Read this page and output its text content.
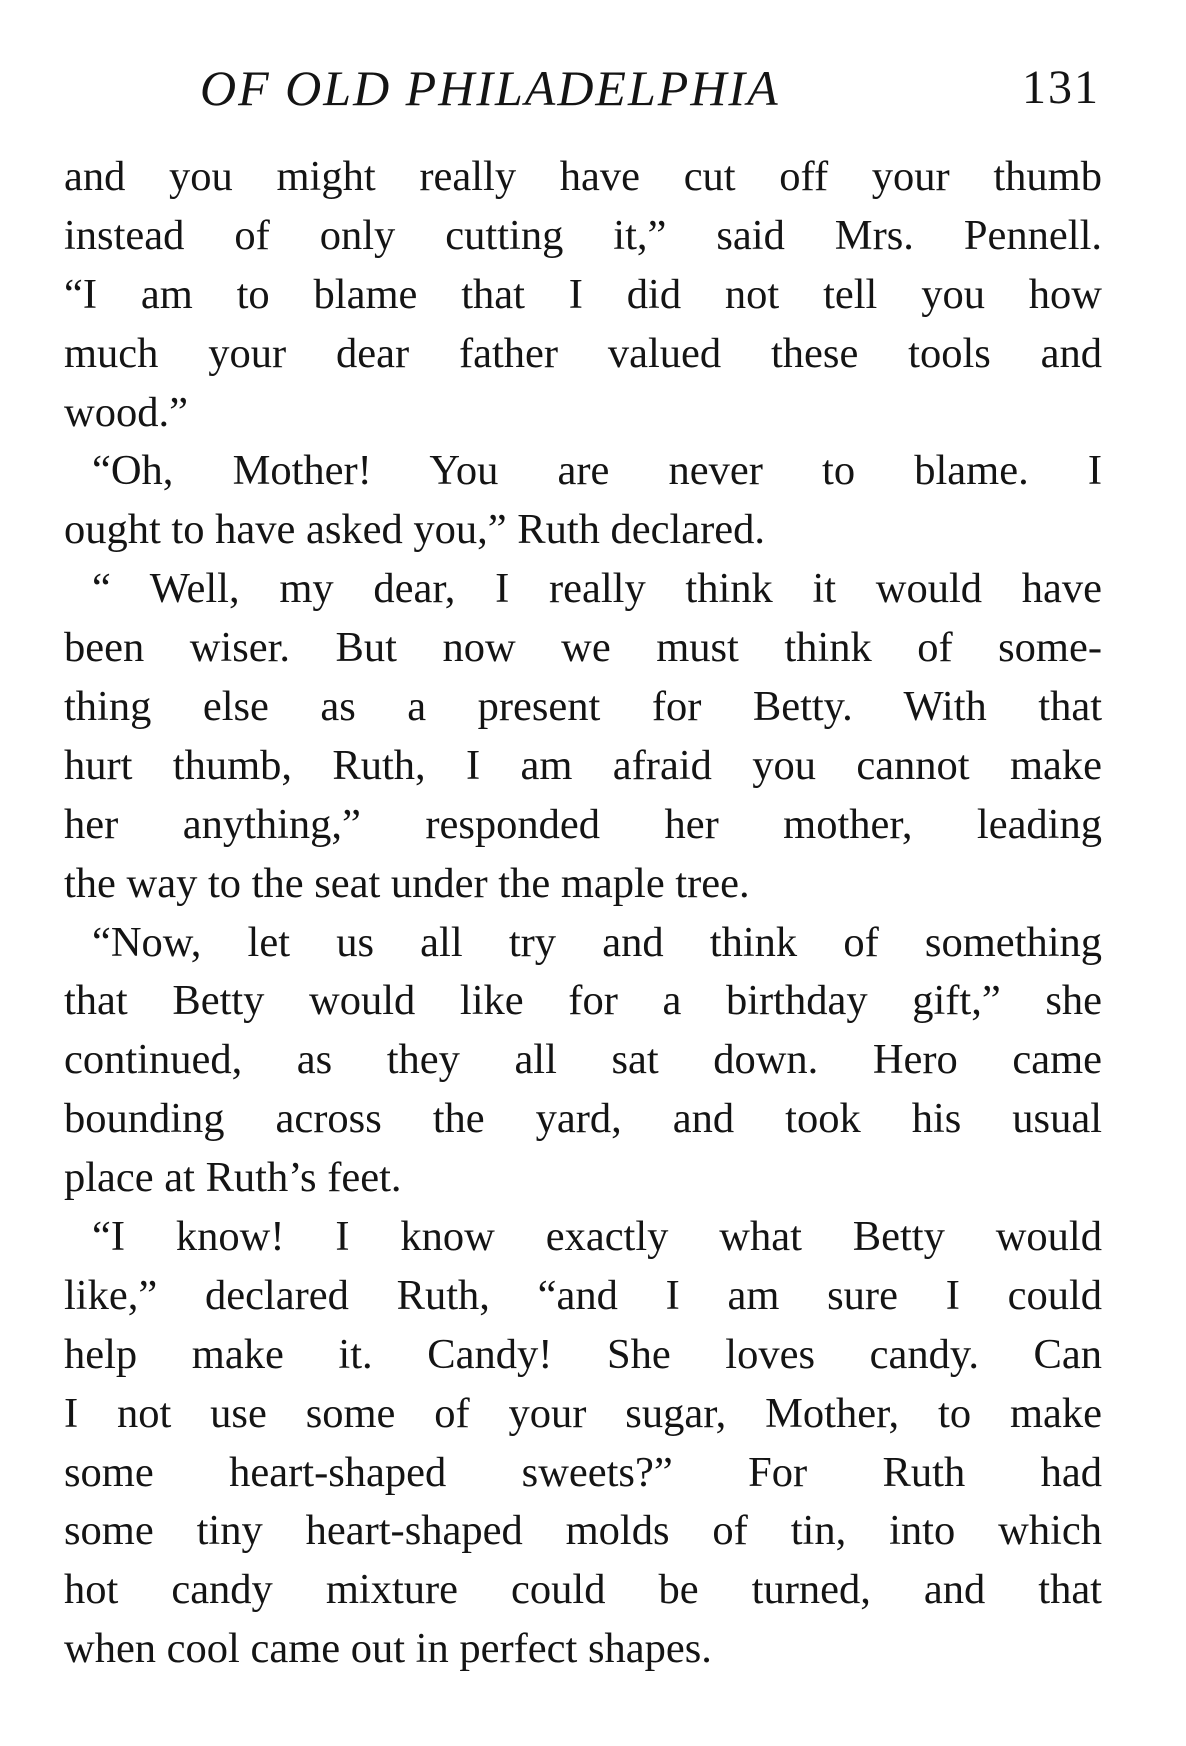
OF OLD PHILADELPHIA	131
and you might really have cut off your thumb
instead of only cutting it,” said Mrs. Pennell.
“I am to blame that I did not tell you how
much your dear father valued these tools and
wood.”
“Oh, Mother! You are never to blame. I
ought to have asked you,” Ruth declared.
“ Well, my dear, I really think it would have
been wiser. But now we must think of some-
thing else as a present for Betty. With that
hurt thumb, Ruth, I am afraid you cannot make
her anything,” responded her mother, leading
the way to the seat under the maple tree.
“Now, let us all try and think of something
that Betty would like for a birthday gift,” she
continued, as they all sat down. Hero came
bounding across the yard, and took his usual
place at Ruth’s feet.
“I know! I know exactly what Betty would
like,” declared Ruth, “and I am sure I could
help make it. Candy! She loves candy. Can
I not use some of your sugar, Mother, to make
some heart-shaped sweets?” For Ruth had
some tiny heart-shaped molds of tin, into which
hot candy mixture could be turned, and that
when cool came out in perfect shapes.
